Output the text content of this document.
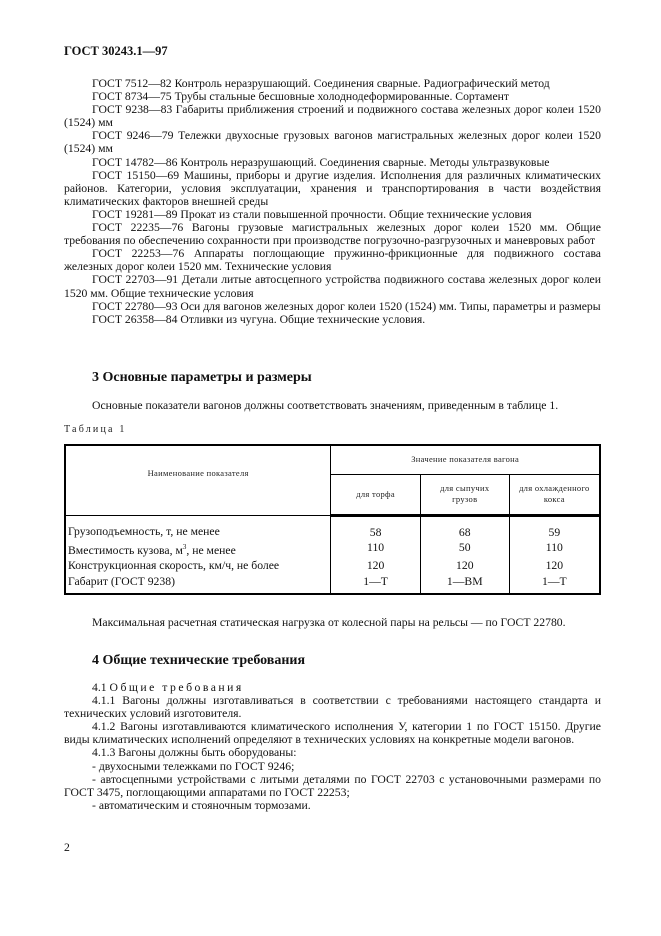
ГОСТ 30243.1—97

ГОСТ 7512—82 Контроль неразрушающий. Соединения сварные. Радиографический метод

ГОСТ 8734—75 Трубы стальные бесшовные холоднодеформированные. Сортамент

ГОСТ 9238—83 Габариты приближения строений и подвижного состава железных дорог колеи 1520 (1524) мм

ГОСТ 9246—79 Тележки двухосные грузовых вагонов магистральных железных дорог колеи 1520 (1524) мм

ГОСТ 14782—86 Контроль неразрушающий. Соединения сварные. Методы ультразвуковые

ГОСТ 15150—69 Машины, приборы и другие изделия. Исполнения для различных климатических районов. Категории, условия эксплуатации, хранения и транспортирования в части воздействия климатических факторов внешней среды

ГОСТ 19281—89 Прокат из стали повышенной прочности. Общие технические условия

ГОСТ 22235—76 Вагоны грузовые магистральных железных дорог колеи 1520 мм. Общие требования по обеспечению сохранности при производстве погрузочно-разгрузочных и маневровых работ

ГОСТ 22253—76 Аппараты поглощающие пружинно-фрикционные для подвижного состава железных дорог колеи 1520 мм. Технические условия

ГОСТ 22703—91 Детали литые автосцепного устройства подвижного состава железных дорог колеи 1520 мм. Общие технические условия

ГОСТ 22780—93 Оси для вагонов железных дорог колеи 1520 (1524) мм. Типы, параметры и размеры

ГОСТ 26358—84 Отливки из чугуна. Общие технические условия.

3 Основные параметры и размеры

Основные показатели вагонов должны соответствовать значениям, приведенным в таблице 1.

Таблица 1
Наименование показателя	Значение показателя вагона		
	для торфа	для сыпучих грузов	для охлажденного кокса
Грузоподъемность, т, не менее	58	68	59
Вместимость кузова, $м^3$, не менее	110	50	110
Конструкционная скорость, км/ч, не более	120	120	120
Габарит (ГОСТ 9238)	1—Т	1—ВМ	1—Т

Максимальная расчетная статическая нагрузка от колесной пары на рельсы — по ГОСТ 22780.

4 Общие технические требования

4.1 Общие требования

4.1.1 Вагоны должны изготавливаться в соответствии с требованиями настоящего стандарта и технических условий изготовителя.

4.1.2 Вагоны изготавливаются климатического исполнения У, категории 1 по ГОСТ 15150. Другие виды климатических исполнений определяют в технических условиях на конкретные модели вагонов.

4.1.3 Вагоны должны быть оборудованы:

- двухосными тележками по ГОСТ 9246;

- автосцепными устройствами с литыми деталями по ГОСТ 22703 с установочными размерами по ГОСТ 3475, поглощающими аппаратами по ГОСТ 22253;

- автоматическим и стояночным тормозами.

2
